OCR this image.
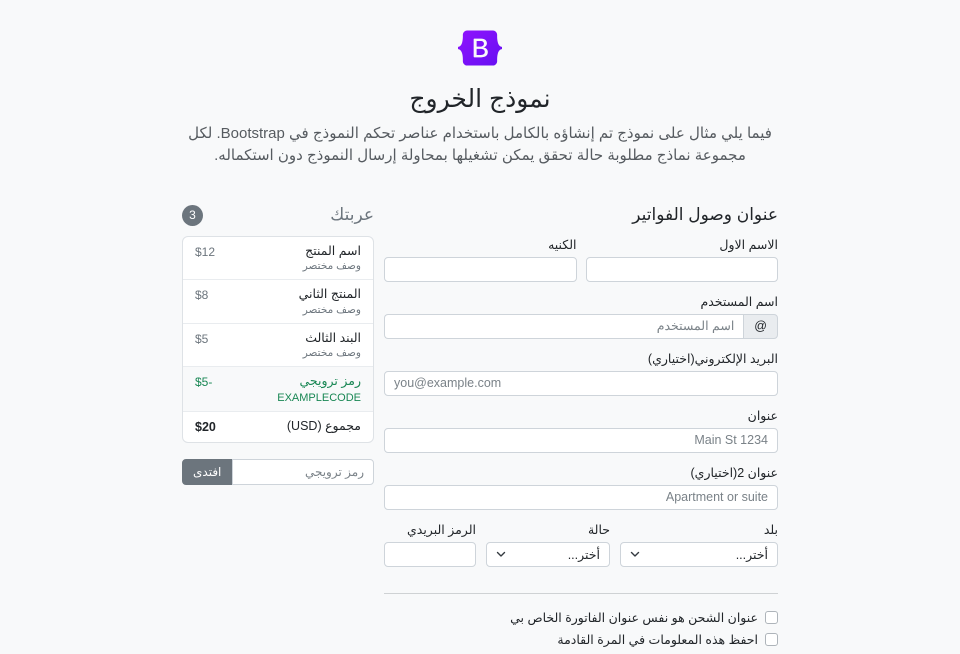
نموذج الخروج

فيما يلي مثال على نموذج تم إنشاؤه بالكامل باستخدام عناصر تحكم النموذج في Bootstrap. لكل مجموعة نماذج مطلوبة حالة تحقق يمكن تشغيلها بمحاولة إرسال النموذج دون استكماله.

عنوان وصول الفواتير
الاسم الاول
الكنيه
اسم المستخدم
@
اسم المستخدم
البريد الإلكتروني
(اختياري)
you@example.com
عنوان
Main St 1234
عنوان 2
(اختياري)
Apartment or suite
بلد
أختر...
حالة
أختر...
الرمز البريدي
عنوان الشحن هو نفس عنوان الفاتورة الخاص بي
احفظ هذه المعلومات في المرة القادمة
عربتك
3
اسم المنتج
وصف مختصر
$12
المنتج الثاني
وصف مختصر
$8
البند الثالث
وصف مختصر
$5
رمز ترويجي
EXAMPLECODE
-$5
مجموع (USD)
$20
رمز ترويجي
افتدى
